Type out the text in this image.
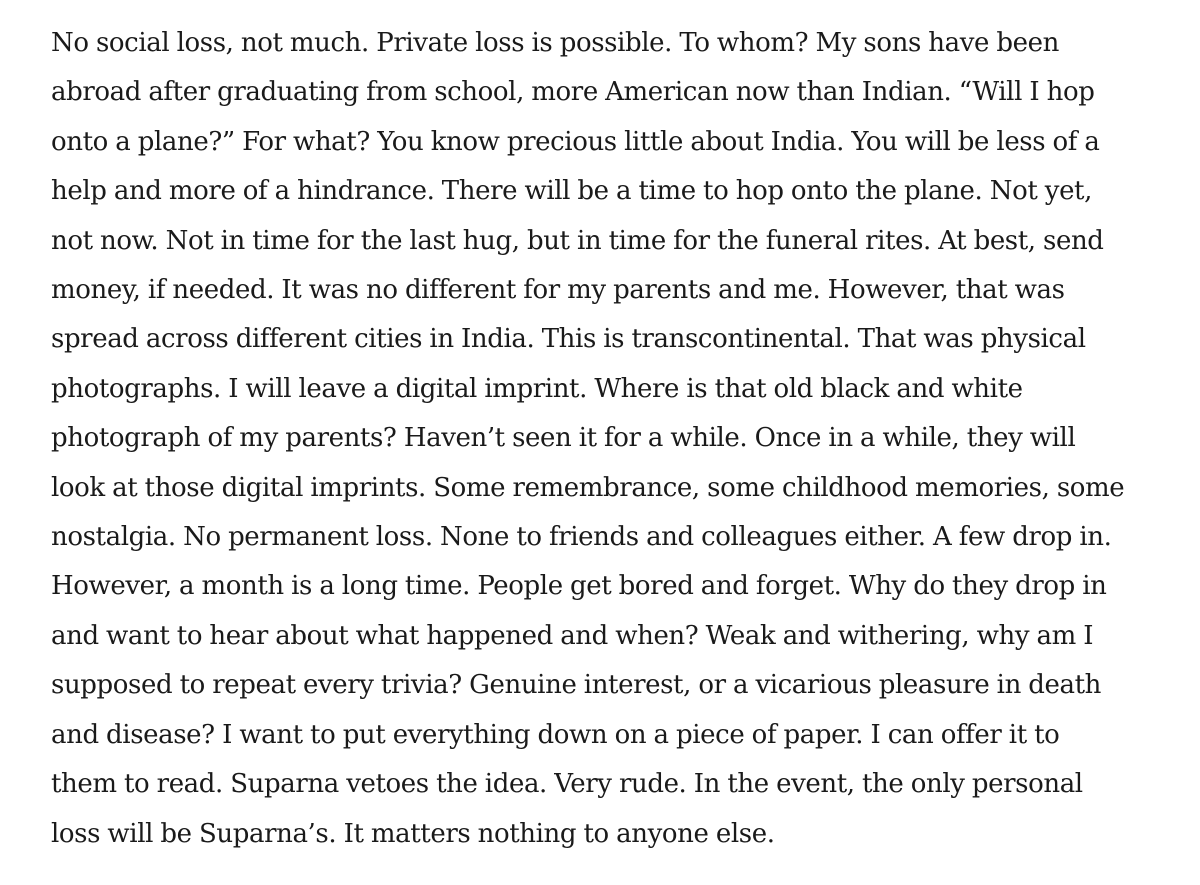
No social loss, not much. Private loss is possible. To whom? My sons have been
abroad after graduating from school, more American now than Indian. “Will I hop
onto a plane?” For what? You know precious little about India. You will be less of a
help and more of a hindrance. There will be a time to hop onto the plane. Not yet,
not now. Not in time for the last hug, but in time for the funeral rites. At best, send
money, if needed. It was no different for my parents and me. However, that was
spread across different cities in India. This is transcontinental. That was physical
photographs. I will leave a digital imprint. Where is that old black and white
photograph of my parents? Haven’t seen it for a while. Once in a while, they will
look at those digital imprints. Some remembrance, some childhood memories, some
nostalgia. No permanent loss. None to friends and colleagues either. A few drop in.
However, a month is a long time. People get bored and forget. Why do they drop in
and want to hear about what happened and when? Weak and withering, why am I
supposed to repeat every trivia? Genuine interest, or a vicarious pleasure in death
and disease? I want to put everything down on a piece of paper. I can offer it to
them to read. Suparna vetoes the idea. Very rude. In the event, the only personal
loss will be Suparna’s. It matters nothing to anyone else.
